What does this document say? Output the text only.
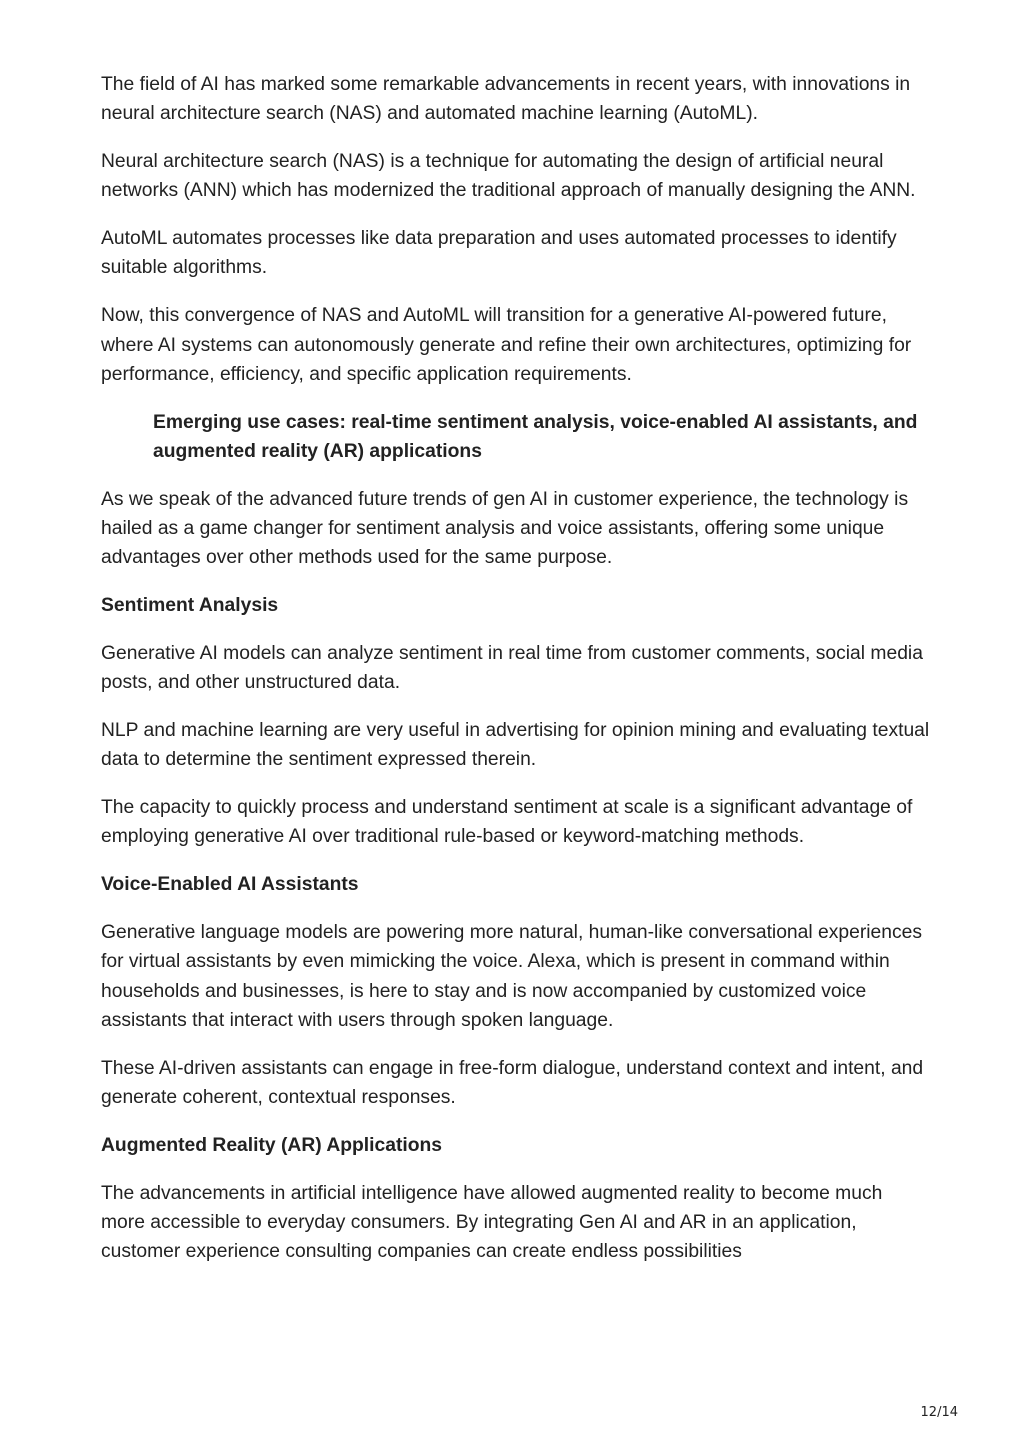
The field of AI has marked some remarkable advancements in recent years, with innovations in neural architecture search (NAS) and automated machine learning (AutoML).

Neural architecture search (NAS) is a technique for automating the design of artificial neural networks (ANN) which has modernized the traditional approach of manually designing the ANN.

AutoML automates processes like data preparation and uses automated processes to identify suitable algorithms.

Now, this convergence of NAS and AutoML will transition for a generative AI-powered future, where AI systems can autonomously generate and refine their own architectures, optimizing for performance, efficiency, and specific application requirements.

Emerging use cases: real-time sentiment analysis, voice-enabled AI assistants, and augmented reality (AR) applications

As we speak of the advanced future trends of gen AI in customer experience, the technology is hailed as a game changer for sentiment analysis and voice assistants, offering some unique advantages over other methods used for the same purpose.

Sentiment Analysis

Generative AI models can analyze sentiment in real time from customer comments, social media posts, and other unstructured data.

NLP and machine learning are very useful in advertising for opinion mining and evaluating textual data to determine the sentiment expressed therein.

The capacity to quickly process and understand sentiment at scale is a significant advantage of employing generative AI over traditional rule-based or keyword-matching methods.

Voice-Enabled AI Assistants

Generative language models are powering more natural, human-like conversational experiences for virtual assistants by even mimicking the voice. Alexa, which is present in command within households and businesses, is here to stay and is now accompanied by customized voice assistants that interact with users through spoken language.

These AI-driven assistants can engage in free-form dialogue, understand context and intent, and generate coherent, contextual responses.

Augmented Reality (AR) Applications

The advancements in artificial intelligence have allowed augmented reality to become much more accessible to everyday consumers. By integrating Gen AI and AR in an application, customer experience consulting companies can create endless possibilities

12/14
